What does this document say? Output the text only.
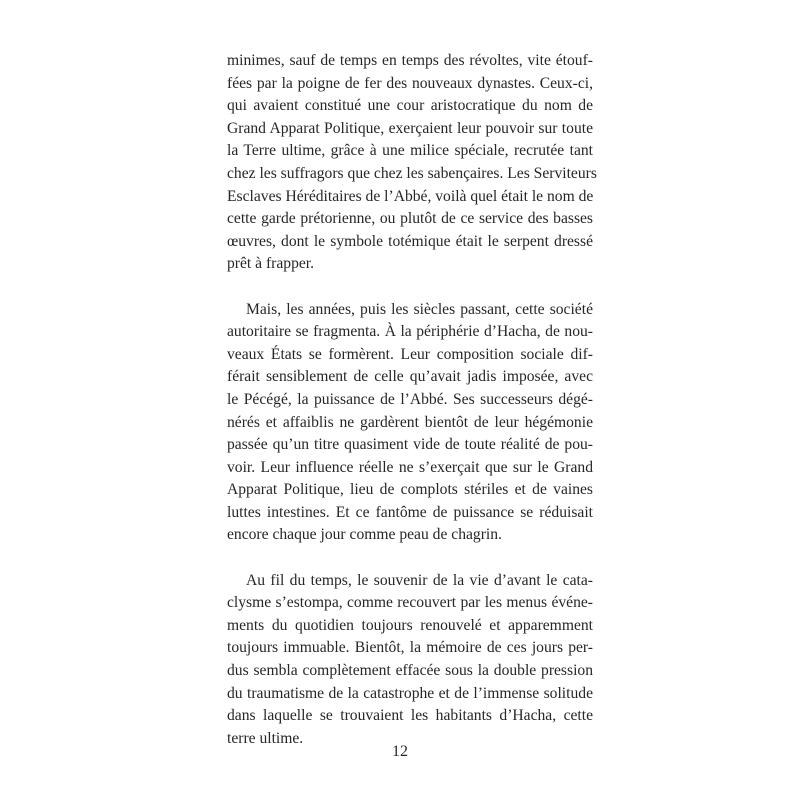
minimes, sauf de temps en temps des révoltes, vite étouf-
fées par la poigne de fer des nouveaux dynastes. Ceux-ci,
qui avaient constitué une cour aristocratique du nom de
Grand Apparat Politique, exerçaient leur pouvoir sur toute
la Terre ultime, grâce à une milice spéciale, recrutée tant
chez les suffragors que chez les sabençaires. Les Serviteurs
Esclaves Héréditaires de l’Abbé, voilà quel était le nom de
cette garde prétorienne, ou plutôt de ce service des basses
œuvres, dont le symbole totémique était le serpent dressé
prêt à frapper.

Mais, les années, puis les siècles passant, cette société
autoritaire se fragmenta. À la périphérie d’Hacha, de nou-
veaux États se formèrent. Leur composition sociale dif-
férait sensiblement de celle qu’avait jadis imposée, avec
le Pécégé, la puissance de l’Abbé. Ses successeurs dégé-
nérés et affaiblis ne gardèrent bientôt de leur hégémonie
passée qu’un titre quasiment vide de toute réalité de pou-
voir. Leur influence réelle ne s’exerçait que sur le Grand
Apparat Politique, lieu de complots stériles et de vaines
luttes intestines. Et ce fantôme de puissance se réduisait
encore chaque jour comme peau de chagrin.

Au fil du temps, le souvenir de la vie d’avant le cata-
clysme s’estompa, comme recouvert par les menus événe-
ments du quotidien toujours renouvelé et apparemment
toujours immuable. Bientôt, la mémoire de ces jours per-
dus sembla complètement effacée sous la double pression
du traumatisme de la catastrophe et de l’immense solitude
dans laquelle se trouvaient les habitants d’Hacha, cette
terre ultime.

12
